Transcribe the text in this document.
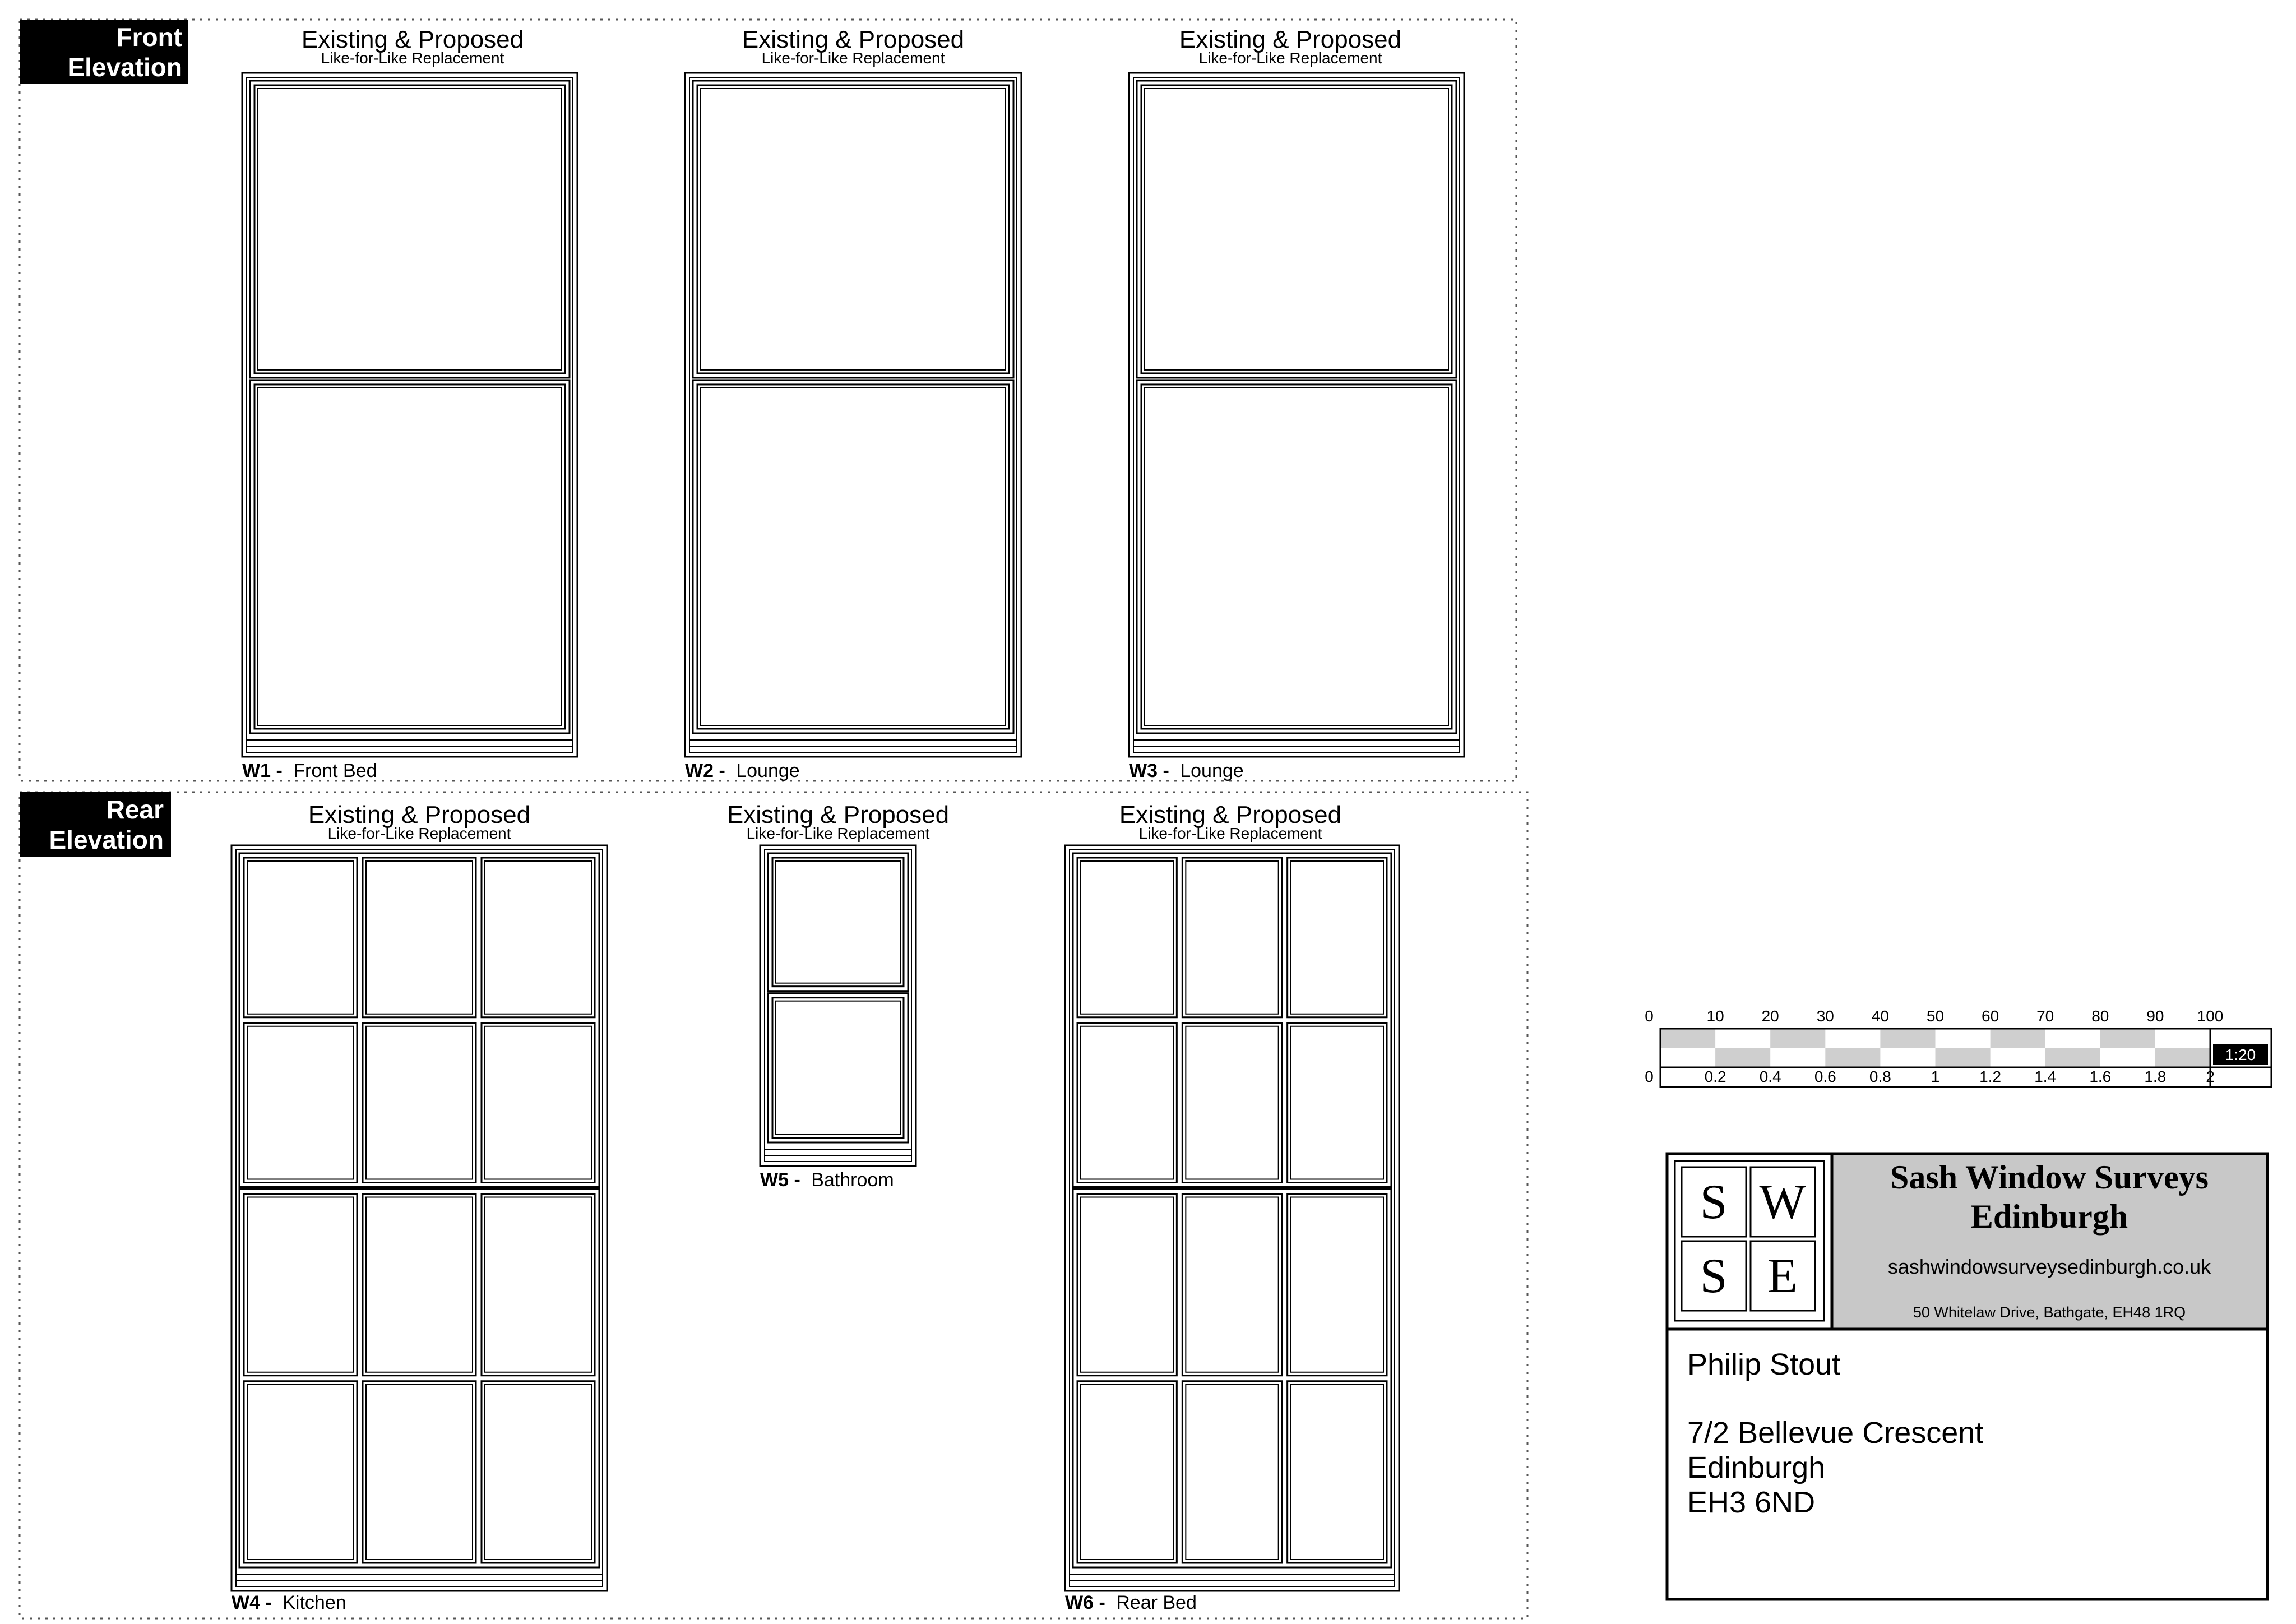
Front
Elevation
Rear
Elevation
Existing & Proposed
Like-for-Like Replacement
W1 - Front Bed
Existing & Proposed
Like-for-Like Replacement
W2 - Lounge
Existing & Proposed
Like-for-Like Replacement
W3 - Lounge
Existing & Proposed
Like-for-Like Replacement
W4 - Kitchen
Existing & Proposed
Like-for-Like Replacement
W5 - Bathroom
Existing & Proposed
Like-for-Like Replacement
W6 - Rear Bed
1:20
0	10 20 30 40 50 60 70 80 90 100
0	0.2 0.4 0.6 0.8	1	1.2 1.4 1.6 1.8	2
S W
S E
Sash Window Surveys
Edinburgh
sashwindowsurveysedinburgh.co.uk
50 Whitelaw Drive, Bathgate, EH48 1RQ
Philip Stout
7/2 Bellevue Crescent
Edinburgh
EH3 6ND
